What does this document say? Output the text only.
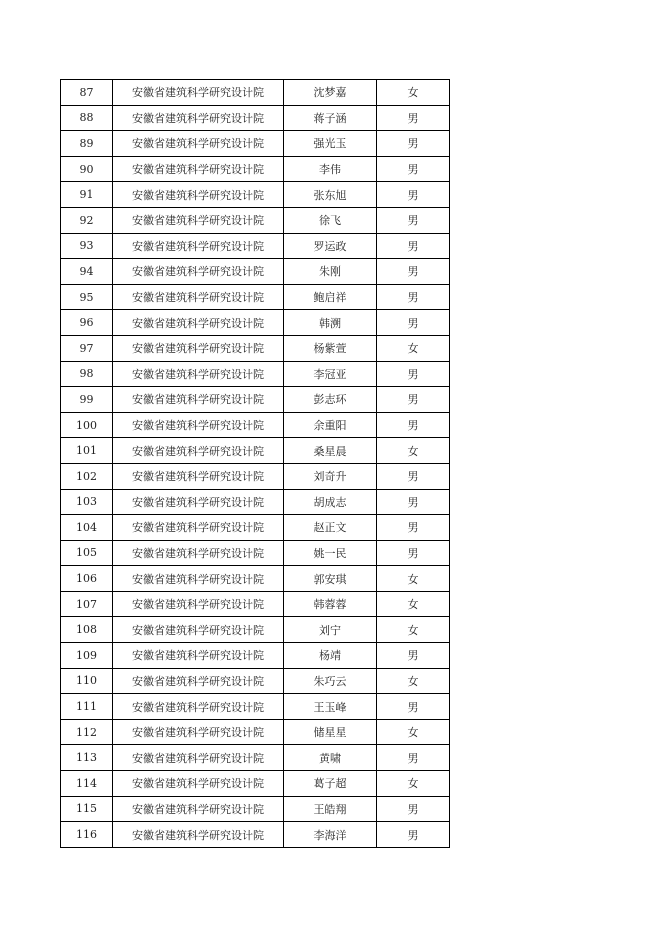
87	安徽省建筑科学研究设计院	沈梦嘉	女
88	安徽省建筑科学研究设计院	蒋子涵	男
89	安徽省建筑科学研究设计院	强光玉	男
90	安徽省建筑科学研究设计院	李伟	男
91	安徽省建筑科学研究设计院	张东旭	男
92	安徽省建筑科学研究设计院	徐飞	男
93	安徽省建筑科学研究设计院	罗运政	男
94	安徽省建筑科学研究设计院	朱刚	男
95	安徽省建筑科学研究设计院	鲍启祥	男
96	安徽省建筑科学研究设计院	韩溯	男
97	安徽省建筑科学研究设计院	杨紫萱	女
98	安徽省建筑科学研究设计院	李冠亚	男
99	安徽省建筑科学研究设计院	彭志环	男
100	安徽省建筑科学研究设计院	余重阳	男
101	安徽省建筑科学研究设计院	桑星晨	女
102	安徽省建筑科学研究设计院	刘奇升	男
103	安徽省建筑科学研究设计院	胡成志	男
104	安徽省建筑科学研究设计院	赵正文	男
105	安徽省建筑科学研究设计院	姚一民	男
106	安徽省建筑科学研究设计院	郭安琪	女
107	安徽省建筑科学研究设计院	韩蓉蓉	女
108	安徽省建筑科学研究设计院	刘宁	女
109	安徽省建筑科学研究设计院	杨靖	男
110	安徽省建筑科学研究设计院	朱巧云	女
111	安徽省建筑科学研究设计院	王玉峰	男
112	安徽省建筑科学研究设计院	储星星	女
113	安徽省建筑科学研究设计院	黄啸	男
114	安徽省建筑科学研究设计院	葛子超	女
115	安徽省建筑科学研究设计院	王皓翔	男
116	安徽省建筑科学研究设计院	李海洋	男
